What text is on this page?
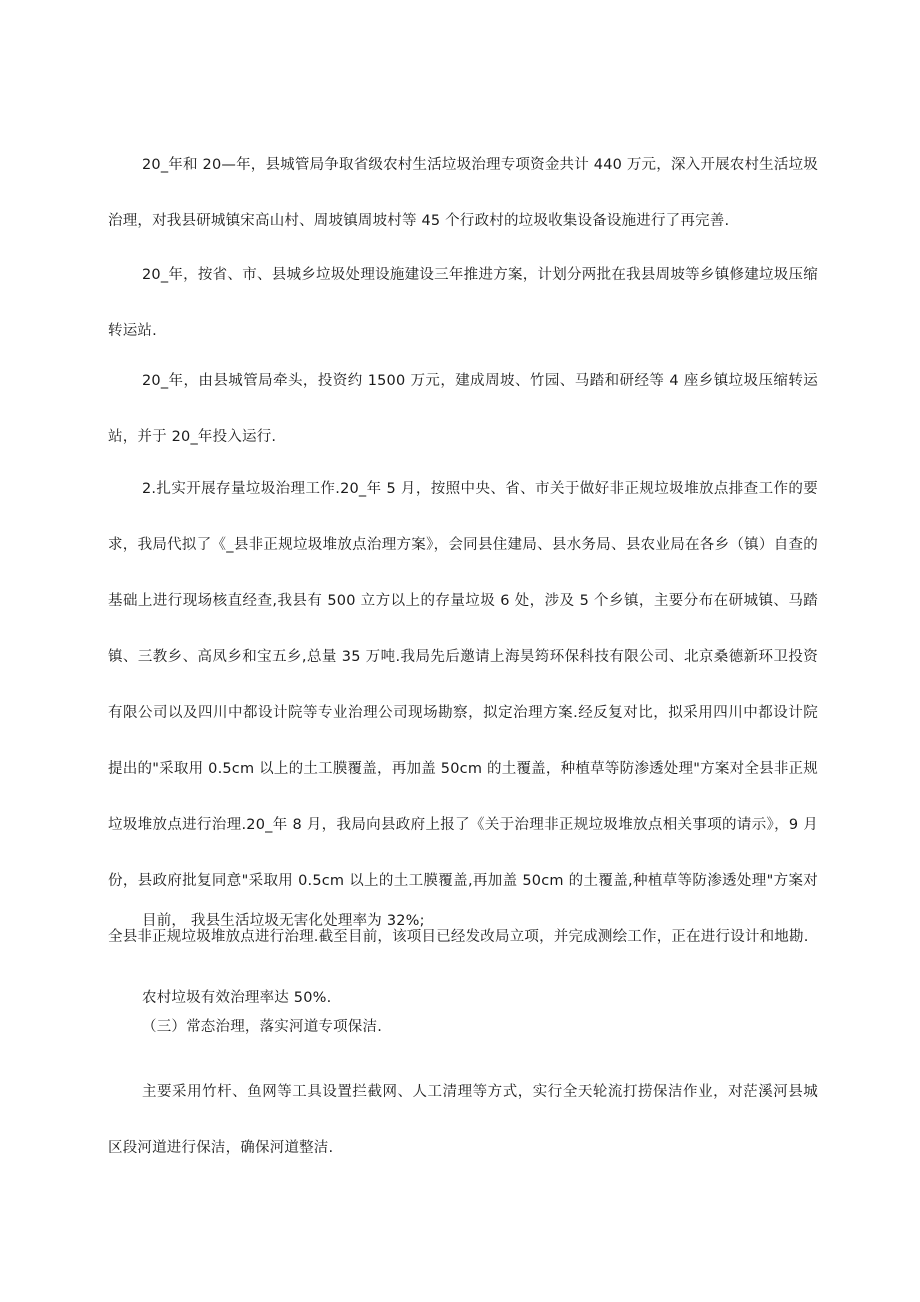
20_年和 20—年，县城管局争取省级农村生活垃圾治理专项资金共计 440 万元，深入开展农村生活垃圾治理，对我县研城镇宋高山村、周坡镇周坡村等 45 个行政村的垃圾收集设备设施进行了再完善.

20_年，按省、市、县城乡垃圾处理设施建设三年推进方案，计划分两批在我县周坡等乡镇修建垃圾压缩转运站.

20_年，由县城管局牵头，投资约 1500 万元，建成周坡、竹园、马踏和研经等 4 座乡镇垃圾压缩转运站，并于 20_年投入运行.

2.扎实开展存量垃圾治理工作.20_年 5 月，按照中央、省、市关于做好非正规垃圾堆放点排查工作的要求，我局代拟了《_县非正规垃圾堆放点治理方案》，会同县住建局、县水务局、县农业局在各乡（镇）自查的基础上进行现场核直经查,我县有 500 立方以上的存量垃圾 6 处，涉及 5 个乡镇，主要分布在研城镇、马踏镇、三教乡、高凤乡和宝五乡,总量 35 万吨.我局先后邀请上海昊筠环保科技有限公司、北京桑德新环卫投资有限公司以及四川中都设计院等专业治理公司现场勘察，拟定治理方案.经反复对比，拟采用四川中都设计院提出的"采取用 0.5cm 以上的土工膜覆盖，再加盖 50cm 的土覆盖，种植草等防渗透处理"方案对全县非正规垃圾堆放点进行治理.20_年 8 月，我局向县政府上报了《关于治理非正规垃圾堆放点相关事项的请示》，9 月份，县政府批复同意"采取用 0.5cm 以上的土工膜覆盖,再加盖 50cm 的土覆盖,种植草等防渗透处理"方案对全县非正规垃圾堆放点进行治理.截至目前，该项目已经发改局立项，并完成测绘工作，正在进行设计和地勘.

目前， 我县生活垃圾无害化处理率为 32%;

农村垃圾有效治理率达 50%.

（三）常态治理，落实河道专项保洁.

主要采用竹杆、鱼网等工具设置拦截网、人工清理等方式，实行全天轮流打捞保洁作业，对茫溪河县城区段河道进行保洁，确保河道整洁.
